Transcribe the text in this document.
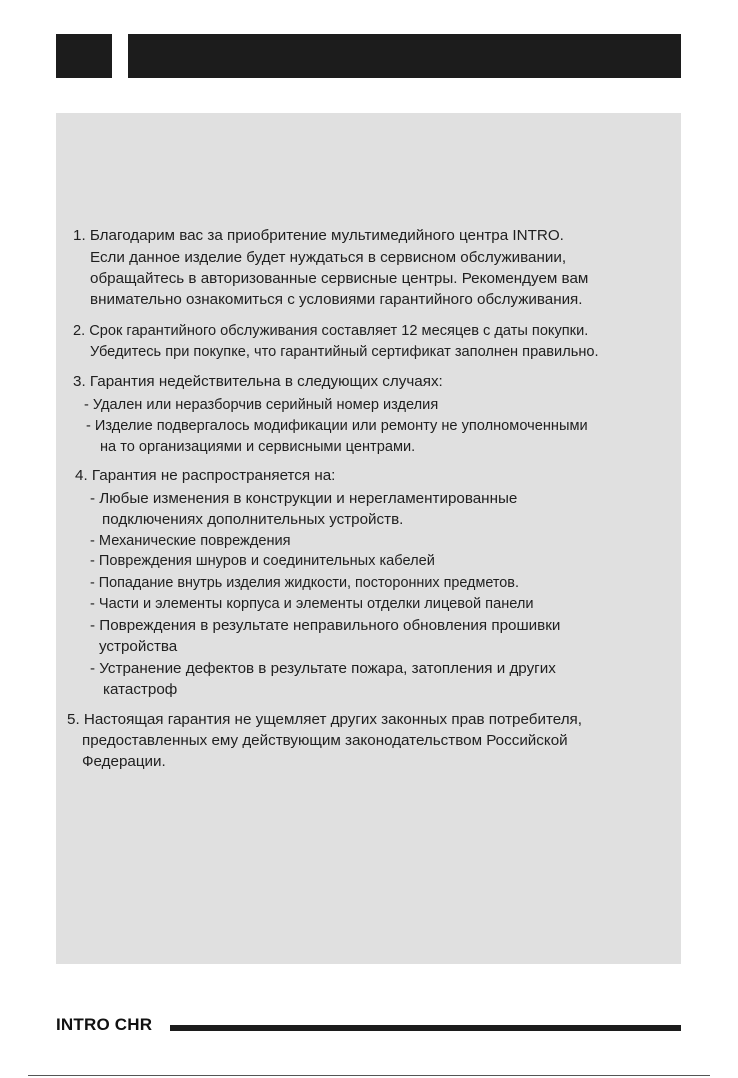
1. Благодарим вас за приобритение мультимедийного центра INTRO.

Если данное изделие будет нуждаться в сервисном обслуживании,

обращайтесь в авторизованные сервисные центры. Рекомендуем вам

внимательно ознакомиться с условиями гарантийного обслуживания.

2. Срок гарантийного обслуживания составляет 12 месяцев с даты покупки.

Убедитесь при покупке, что гарантийный сертификат заполнен правильно.

3. Гарантия недействительна в следующих случаях:

- Удален или неразборчив серийный номер изделия

- Изделие подвергалось модификации или ремонту не уполномоченными

на то организациями и сервисными центрами.

4. Гарантия не распространяется на:

- Любые изменения в конструкции и нерегламентированные

подключениях дополнительных устройств.

- Механические повреждения

- Повреждения шнуров и соединительных кабелей

- Попадание внутрь изделия жидкости, посторонних предметов.

- Части и элементы корпуса и элементы отделки лицевой панели

- Повреждения в результате неправильного обновления прошивки

устройства

- Устранение дефектов в результате пожара, затопления и других

катастроф

5. Настоящая гарантия не ущемляет других законных прав потребителя,

предоставленных ему действующим законодательством Российской

Федерации.

INTRO CHR
